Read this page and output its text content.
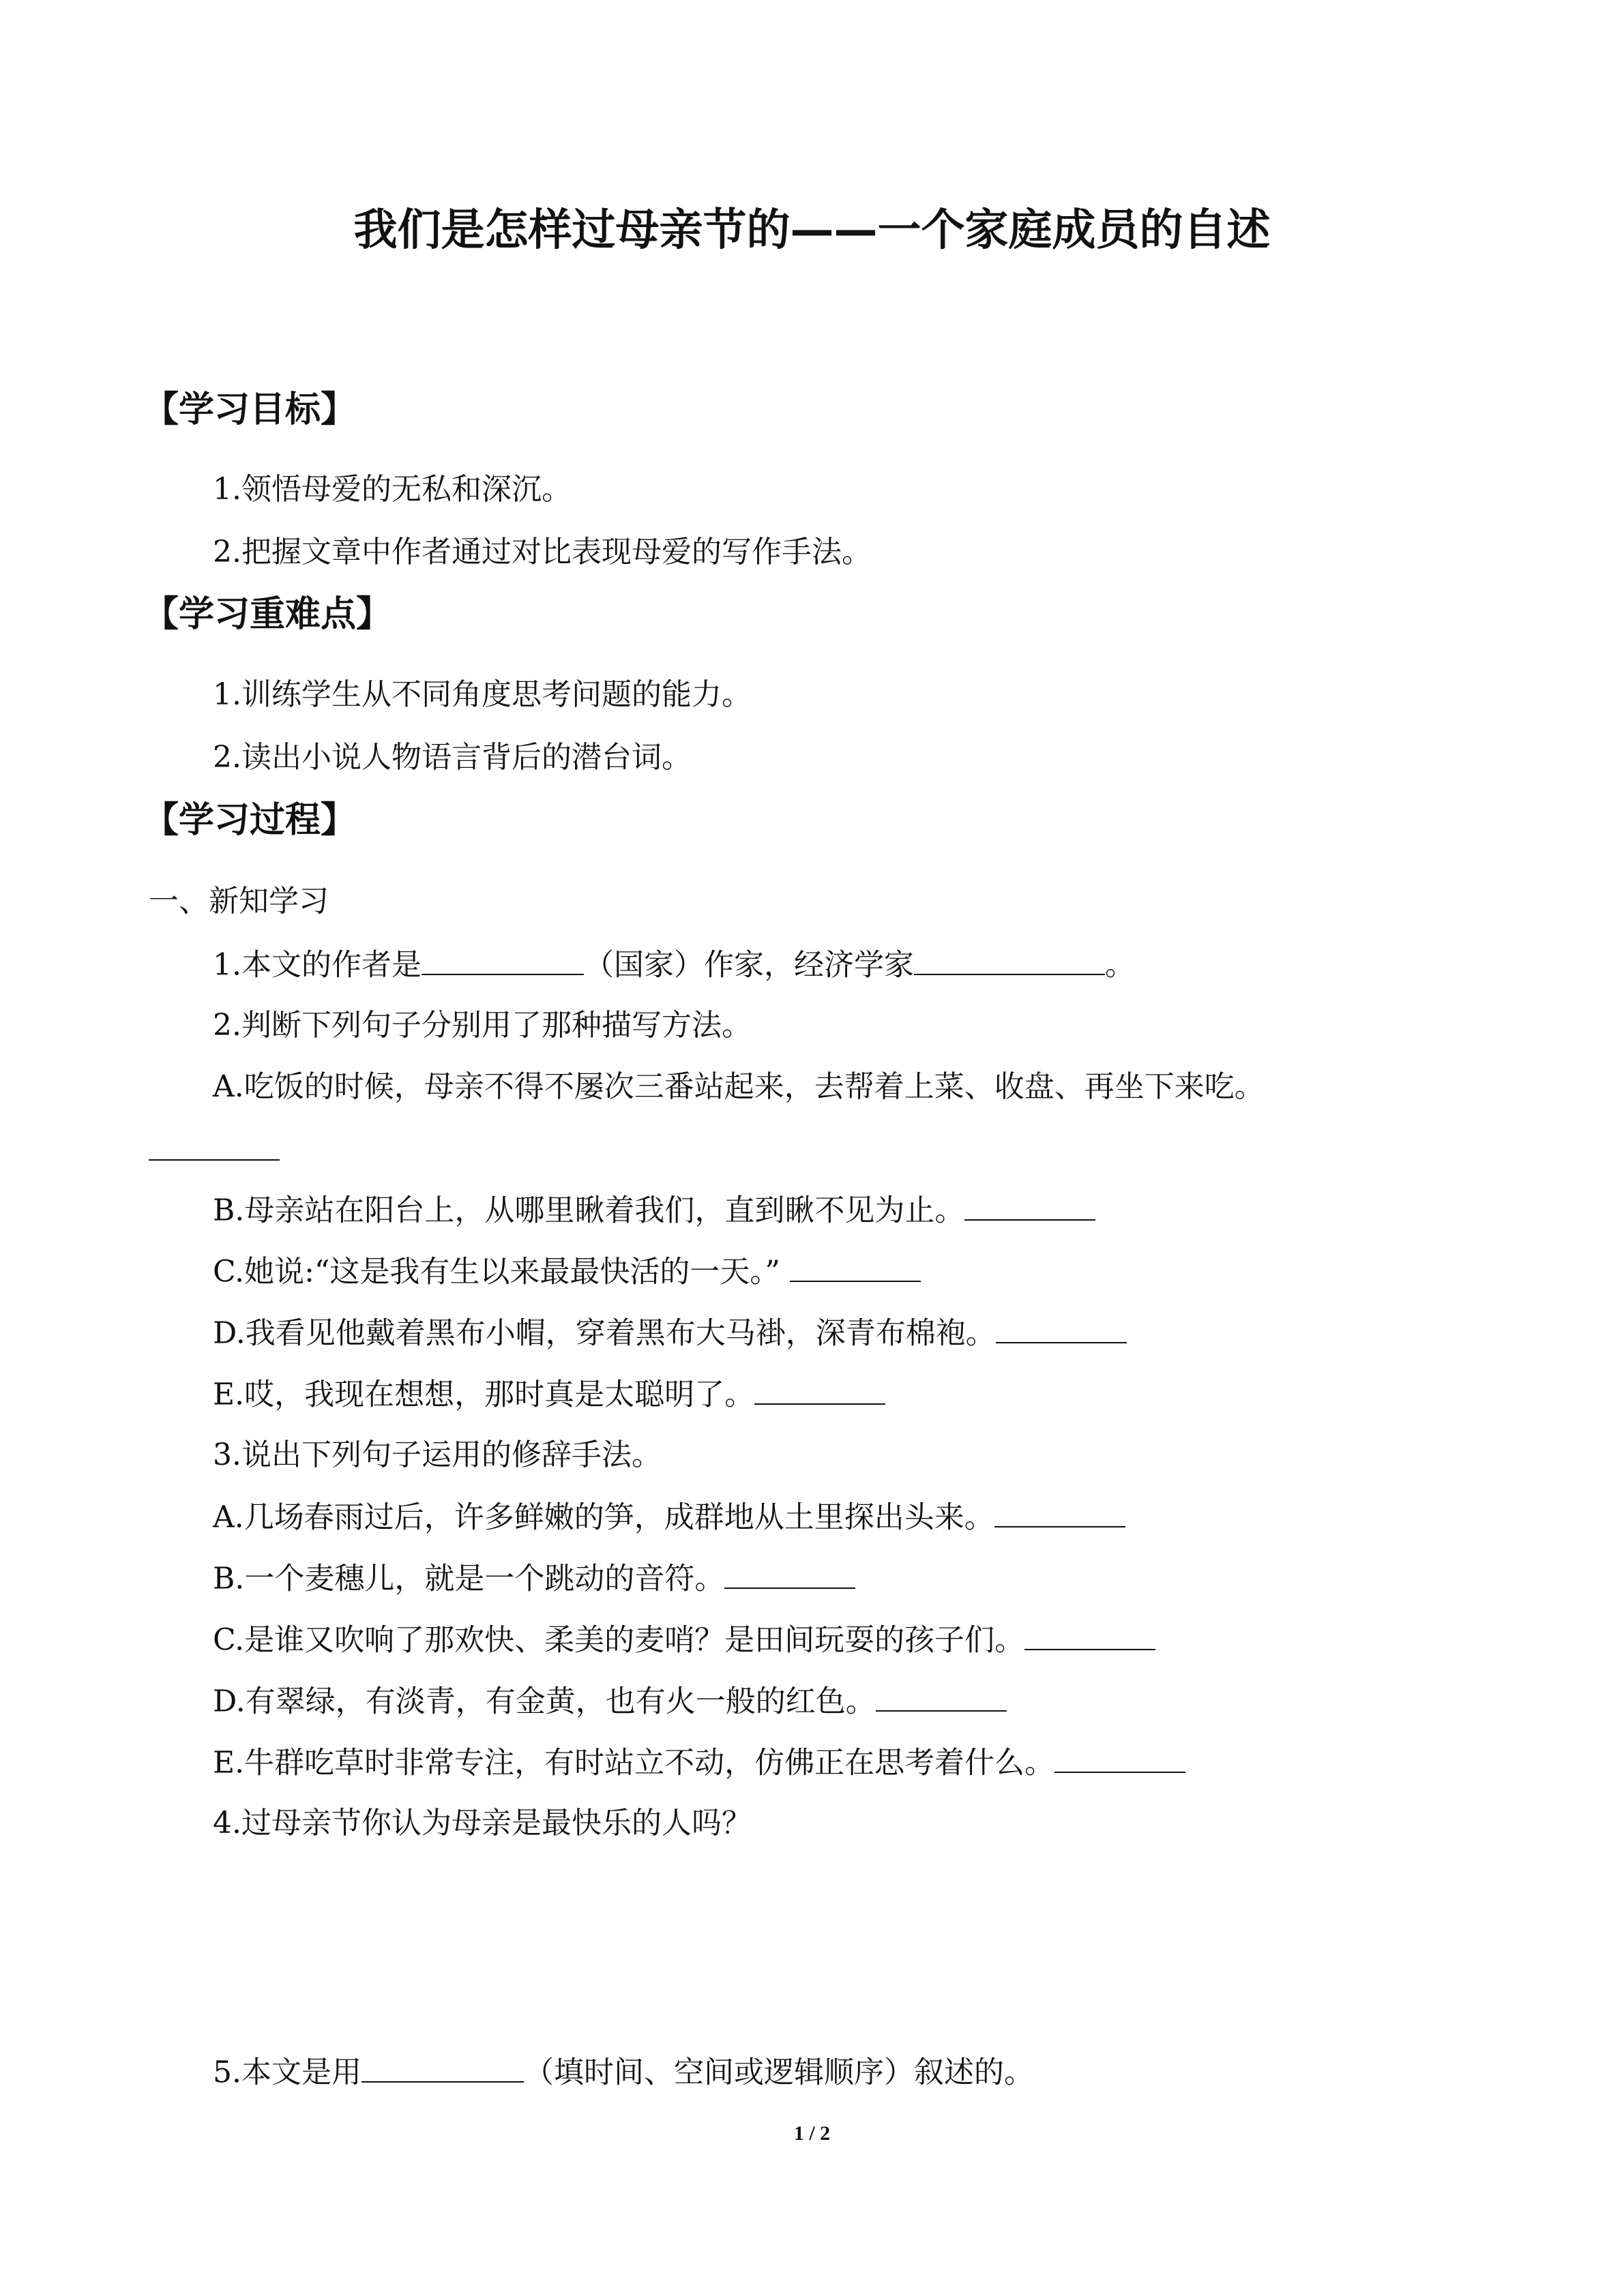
我们是怎样过母亲节的——一个家庭成员的自述
【学习目标】
1.领悟母爱的无私和深沉。
2.把握文章中作者通过对比表现母爱的写作手法。
【学习重难点】
1.训练学生从不同角度思考问题的能力。
2.读出小说人物语言背后的潜台词。
【学习过程】
一、新知学习
1.本文的作者是	（国家）作家，经济学家	。
2.判断下列句子分别用了那种描写方法。
A.吃饭的时候，母亲不得不屡次三番站起来，去帮着上菜、收盘、再坐下来吃。
B.母亲站在阳台上，从哪里瞅着我们，直到瞅不见为止。
C.她说:“这是我有生以来最最快活的一天。”
D.我看见他戴着黑布小帽，穿着黑布大马褂，深青布棉袍。
E.哎，我现在想想，那时真是太聪明了。
3.说出下列句子运用的修辞手法。
A.几场春雨过后，许多鲜嫩的笋，成群地从土里探出头来。
B.一个麦穗儿，就是一个跳动的音符。
C.是谁又吹响了那欢快、柔美的麦哨？是田间玩耍的孩子们。
D.有翠绿，有淡青，有金黄，也有火一般的红色。
E.牛群吃草时非常专注，有时站立不动，仿佛正在思考着什么。
4.过母亲节你认为母亲是最快乐的人吗？
5.本文是用	（填时间、空间或逻辑顺序）叙述的。
1 / 2
